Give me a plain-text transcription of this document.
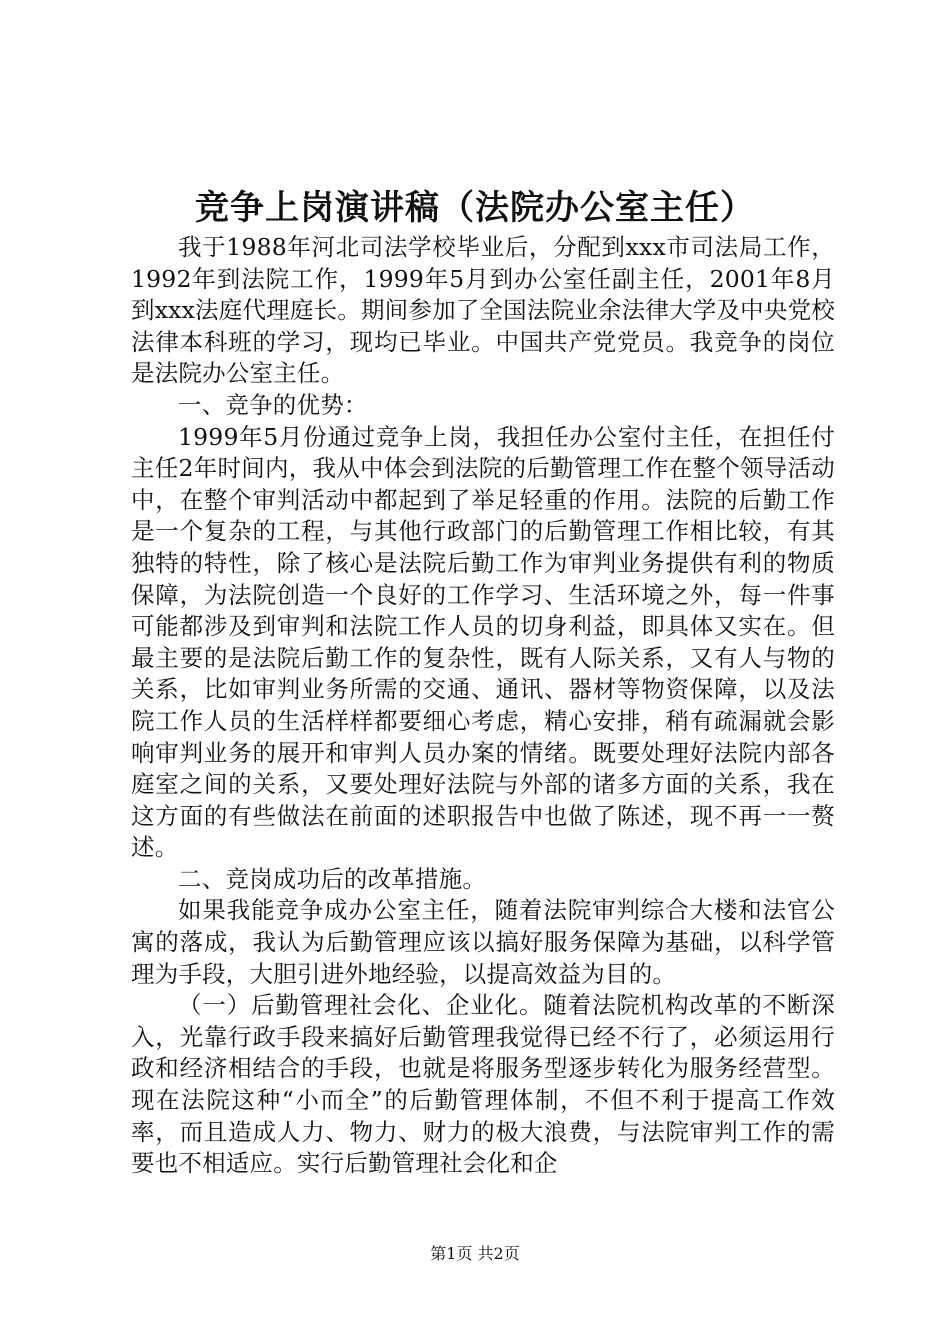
竞争上岗演讲稿（法院办公室主任）

我于1988年河北司法学校毕业后，分配到xxx市司法局工作，1992年到法院工作，1999年5月到办公室任副主任，2001年8月到xxx法庭代理庭长。期间参加了全国法院业余法律大学及中央党校法律本科班的学习，现均已毕业。中国共产党党员。我竞争的岗位是法院办公室主任。

一、竞争的优势：

1999年5月份通过竞争上岗，我担任办公室付主任，在担任付主任2年时间内，我从中体会到法院的后勤管理工作在整个领导活动中，在整个审判活动中都起到了举足轻重的作用。法院的后勤工作是一个复杂的工程，与其他行政部门的后勤管理工作相比较，有其独特的特性，除了核心是法院后勤工作为审判业务提供有利的物质保障，为法院创造一个良好的工作学习、生活环境之外，每一件事可能都涉及到审判和法院工作人员的切身利益，即具体又实在。但最主要的是法院后勤工作的复杂性，既有人际关系，又有人与物的关系，比如审判业务所需的交通、通讯、器材等物资保障，以及法院工作人员的生活样样都要细心考虑，精心安排，稍有疏漏就会影响审判业务的展开和审判人员办案的情绪。既要处理好法院内部各庭室之间的关系，又要处理好法院与外部的诸多方面的关系，我在这方面的有些做法在前面的述职报告中也做了陈述，现不再一一赘述。

二、竞岗成功后的改革措施。

如果我能竞争成办公室主任，随着法院审判综合大楼和法官公寓的落成，我认为后勤管理应该以搞好服务保障为基础，以科学管理为手段，大胆引进外地经验，以提高效益为目的。

（一）后勤管理社会化、企业化。随着法院机构改革的不断深入，光靠行政手段来搞好后勤管理我觉得已经不行了，必须运用行政和经济相结合的手段，也就是将服务型逐步转化为服务经营型。现在法院这种“小而全”的后勤管理体制，不但不利于提高工作效率，而且造成人力、物力、财力的极大浪费，与法院审判工作的需要也不相适应。实行后勤管理社会化和企

第1页 共2页
